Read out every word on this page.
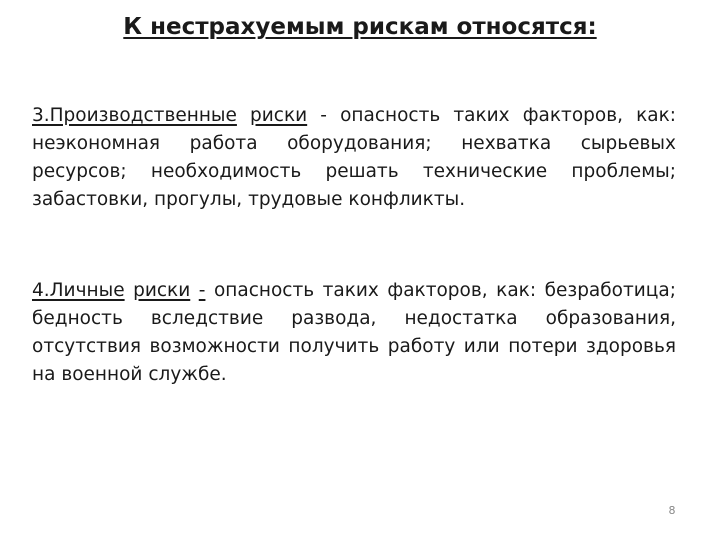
К нестрахуемым рискам относятся:

3.Производственные риски - опасность таких факторов, как: неэкономная работа оборудования; нехватка сырьевых ресурсов; необходимость решать технические проблемы; забастовки, прогулы, трудовые конфликты.

4.Личные риски - опасность таких факторов, как: безработица; бедность вследствие развода, недостатка образования, отсутствия возможности получить работу или потери здоровья на военной службе.

8
